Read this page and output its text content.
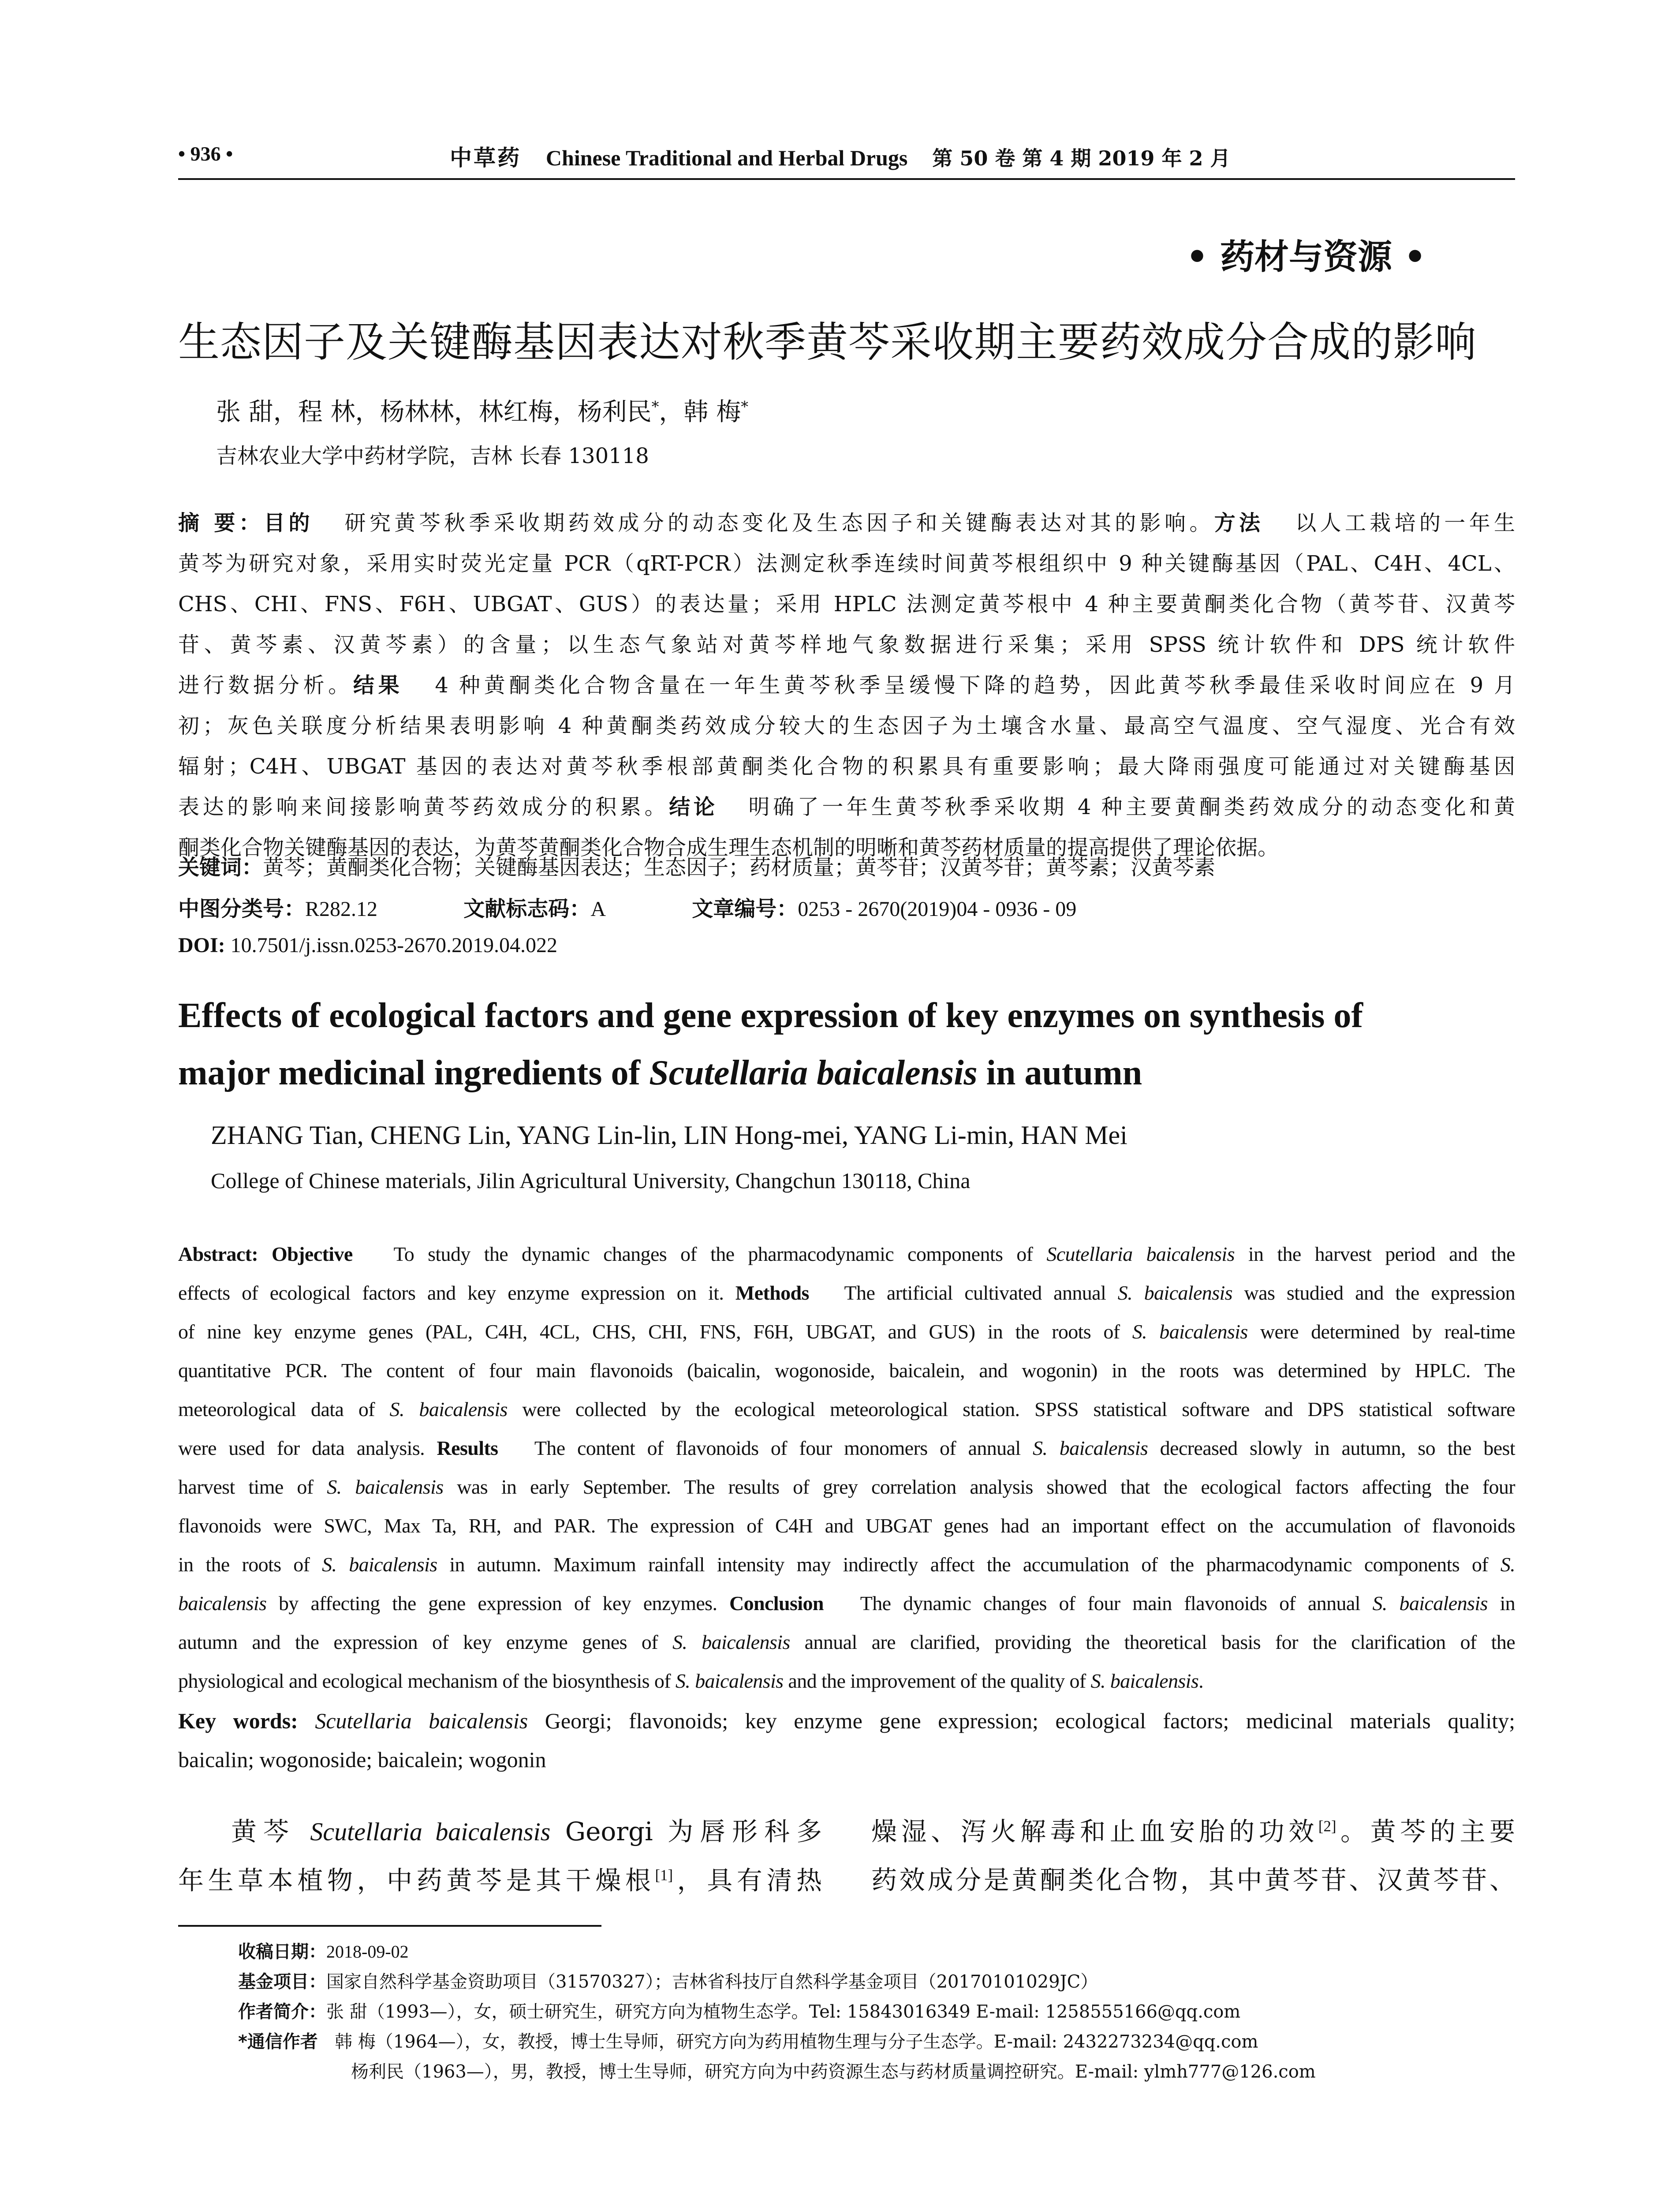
• 936 •	中草药 Chinese Traditional and Herbal Drugs 第 50 卷 第 4 期 2019 年 2 月
• 药材与资源 •
生态因子及关键酶基因表达对秋季黄芩采收期主要药效成分合成的影响
张 甜，程 林，杨林林，林红梅，杨利民*，韩 梅*
吉林农业大学中药材学院，吉林 长春 130118
摘 要：目的 研究黄芩秋季采收期药效成分的动态变化及生态因子和关键酶表达对其的影响。方法 以人工栽培的一年生
黄芩为研究对象，采用实时荧光定量 PCR（qRT-PCR）法测定秋季连续时间黄芩根组织中 9 种关键酶基因（PAL、C4H、4CL、
CHS、CHI、FNS、F6H、UBGAT、GUS）的表达量；采用 HPLC 法测定黄芩根中 4 种主要黄酮类化合物（黄芩苷、汉黄芩
苷、黄芩素、汉黄芩素）的含量；以生态气象站对黄芩样地气象数据进行采集；采用 SPSS 统计软件和 DPS 统计软件
进行数据分析。结果 4 种黄酮类化合物含量在一年生黄芩秋季呈缓慢下降的趋势，因此黄芩秋季最佳采收时间应在 9 月
初；灰色关联度分析结果表明影响 4 种黄酮类药效成分较大的生态因子为土壤含水量、最高空气温度、空气湿度、光合有效
辐射；C4H、UBGAT 基因的表达对黄芩秋季根部黄酮类化合物的积累具有重要影响；最大降雨强度可能通过对关键酶基因
表达的影响来间接影响黄芩药效成分的积累。结论 明确了一年生黄芩秋季采收期 4 种主要黄酮类药效成分的动态变化和黄
酮类化合物关键酶基因的表达，为黄芩黄酮类化合物合成生理生态机制的明晰和黄芩药材质量的提高提供了理论依据。
关键词：黄芩；黄酮类化合物；关键酶基因表达；生态因子；药材质量；黄芩苷；汉黄芩苷；黄芩素；汉黄芩素
中图分类号：R282.12	文献标志码：A	文章编号：0253 - 2670(2019)04 - 0936 - 09
DOI: 10.7501/j.issn.0253-2670.2019.04.022
Effects of ecological factors and gene expression of key enzymes on synthesis of
major medicinal ingredients of Scutellaria baicalensis in autumn
ZHANG Tian, CHENG Lin, YANG Lin-lin, LIN Hong-mei, YANG Li-min, HAN Mei
College of Chinese materials, Jilin Agricultural University, Changchun 130118, China
Abstract: Objective To study the dynamic changes of the pharmacodynamic components of Scutellaria baicalensis in the harvest period and the
effects of ecological factors and key enzyme expression on it. Methods The artificial cultivated annual S. baicalensis was studied and the expression
of nine key enzyme genes (PAL, C4H, 4CL, CHS, CHI, FNS, F6H, UBGAT, and GUS) in the roots of S. baicalensis were determined by real-time
quantitative PCR. The content of four main flavonoids (baicalin, wogonoside, baicalein, and wogonin) in the roots was determined by HPLC. The
meteorological data of S. baicalensis were collected by the ecological meteorological station. SPSS statistical software and DPS statistical software
were used for data analysis. Results The content of flavonoids of four monomers of annual S. baicalensis decreased slowly in autumn, so the best
harvest time of S. baicalensis was in early September. The results of grey correlation analysis showed that the ecological factors affecting the four
flavonoids were SWC, Max Ta, RH, and PAR. The expression of C4H and UBGAT genes had an important effect on the accumulation of flavonoids
in the roots of S. baicalensis in autumn. Maximum rainfall intensity may indirectly affect the accumulation of the pharmacodynamic components of S.
baicalensis by affecting the gene expression of key enzymes. Conclusion The dynamic changes of four main flavonoids of annual S. baicalensis in
autumn and the expression of key enzyme genes of S. baicalensis annual are clarified, providing the theoretical basis for the clarification of the
physiological and ecological mechanism of the biosynthesis of S. baicalensis and the improvement of the quality of S. baicalensis.
Key words: Scutellaria baicalensis Georgi; flavonoids; key enzyme gene expression; ecological factors; medicinal materials quality;
baicalin; wogonoside; baicalein; wogonin
黄芩 Scutellaria baicalensis Georgi 为唇形科多
年生草本植物，中药黄芩是其干燥根[1]，具有清热
燥湿、泻火解毒和止血安胎的功效[2]。黄芩的主要
药效成分是黄酮类化合物，其中黄芩苷、汉黄芩苷、
收稿日期：2018-09-02
基金项目：国家自然科学基金资助项目（31570327）；吉林省科技厅自然科学基金项目（20170101029JC）
作者简介：张 甜（1993—），女，硕士研究生，研究方向为植物生态学。Tel: 15843016349 E-mail: 1258555166@qq.com
*通信作者 韩 梅（1964—），女，教授，博士生导师，研究方向为药用植物生理与分子生态学。E-mail: 2432273234@qq.com
杨利民（1963—），男，教授，博士生导师，研究方向为中药资源生态与药材质量调控研究。E-mail: ylmh777@126.com
